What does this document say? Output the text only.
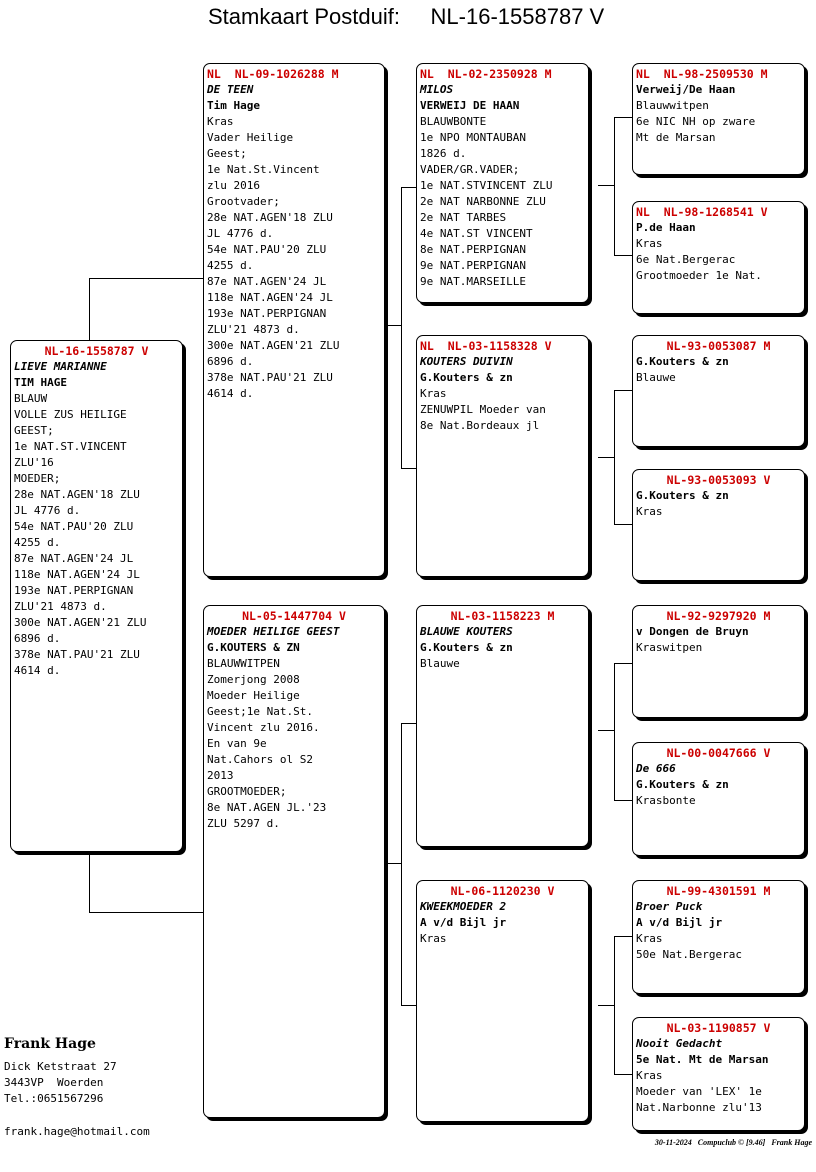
Stamkaart Postduif:     NL-16-1558787 V
NL-16-1558787 V
LIEVE MARIANNE
TIM HAGE
BLAUW
VOLLE ZUS HEILIGE
GEEST;
1e NAT.ST.VINCENT
ZLU'16
MOEDER;
28e NAT.AGEN'18 ZLU
JL 4776 d.
54e NAT.PAU'20 ZLU
4255 d.
87e NAT.AGEN'24 JL
118e NAT.AGEN'24 JL
193e NAT.PERPIGNAN
ZLU'21 4873 d.
300e NAT.AGEN'21 ZLU
6896 d.
378e NAT.PAU'21 ZLU
4614 d.
NL  NL-09-1026288 M
DE TEEN
Tim Hage
Kras
Vader Heilige
Geest;
1e Nat.St.Vincent
zlu 2016
Grootvader;
28e NAT.AGEN'18 ZLU
JL 4776 d.
54e NAT.PAU'20 ZLU
4255 d.
87e NAT.AGEN'24 JL
118e NAT.AGEN'24 JL
193e NAT.PERPIGNAN
ZLU'21 4873 d.
300e NAT.AGEN'21 ZLU
6896 d.
378e NAT.PAU'21 ZLU
4614 d.
NL-05-1447704 V
MOEDER HEILIGE GEEST
G.KOUTERS & ZN
BLAUWWITPEN
Zomerjong 2008
Moeder Heilige
Geest;1e Nat.St.
Vincent zlu 2016.
En van 9e
Nat.Cahors ol S2
2013
GROOTMOEDER;
8e NAT.AGEN JL.'23
ZLU 5297 d.
NL  NL-02-2350928 M
MILOS
VERWEIJ DE HAAN
BLAUWBONTE
1e NPO MONTAUBAN
1826 d.
VADER/GR.VADER;
1e NAT.STVINCENT ZLU
2e NAT NARBONNE ZLU
2e NAT TARBES
4e NAT.ST VINCENT
8e NAT.PERPIGNAN
9e NAT.PERPIGNAN
9e NAT.MARSEILLE
NL  NL-03-1158328 V
KOUTERS DUIVIN
G.Kouters & zn
Kras
ZENUWPIL Moeder van
8e Nat.Bordeaux jl
NL-03-1158223 M
BLAUWE KOUTERS
G.Kouters & zn
Blauwe
NL-06-1120230 V
KWEEKMOEDER 2
A v/d Bijl jr
Kras
NL  NL-98-2509530 M
Verweij/De Haan
Blauwwitpen
6e NIC NH op zware
Mt de Marsan
NL  NL-98-1268541 V
P.de Haan
Kras
6e Nat.Bergerac
Grootmoeder 1e Nat.
NL-93-0053087 M
G.Kouters & zn
Blauwe
NL-93-0053093 V
G.Kouters & zn
Kras
NL-92-9297920 M
v Dongen de Bruyn
Kraswitpen
NL-00-0047666 V
De 666
G.Kouters & zn
Krasbonte
NL-99-4301591 M
Broer Puck
A v/d Bijl jr
Kras
50e Nat.Bergerac
NL-03-1190857 V
Nooit Gedacht
5e Nat. Mt de Marsan
Kras
Moeder van 'LEX' 1e
Nat.Narbonne zlu'13
Frank Hage
Dick Ketstraat 27
3443VP  Woerden
Tel.:0651567296
frank.hage@hotmail.com
30-11-2024   Compuclub © [9.46]   Frank Hage
